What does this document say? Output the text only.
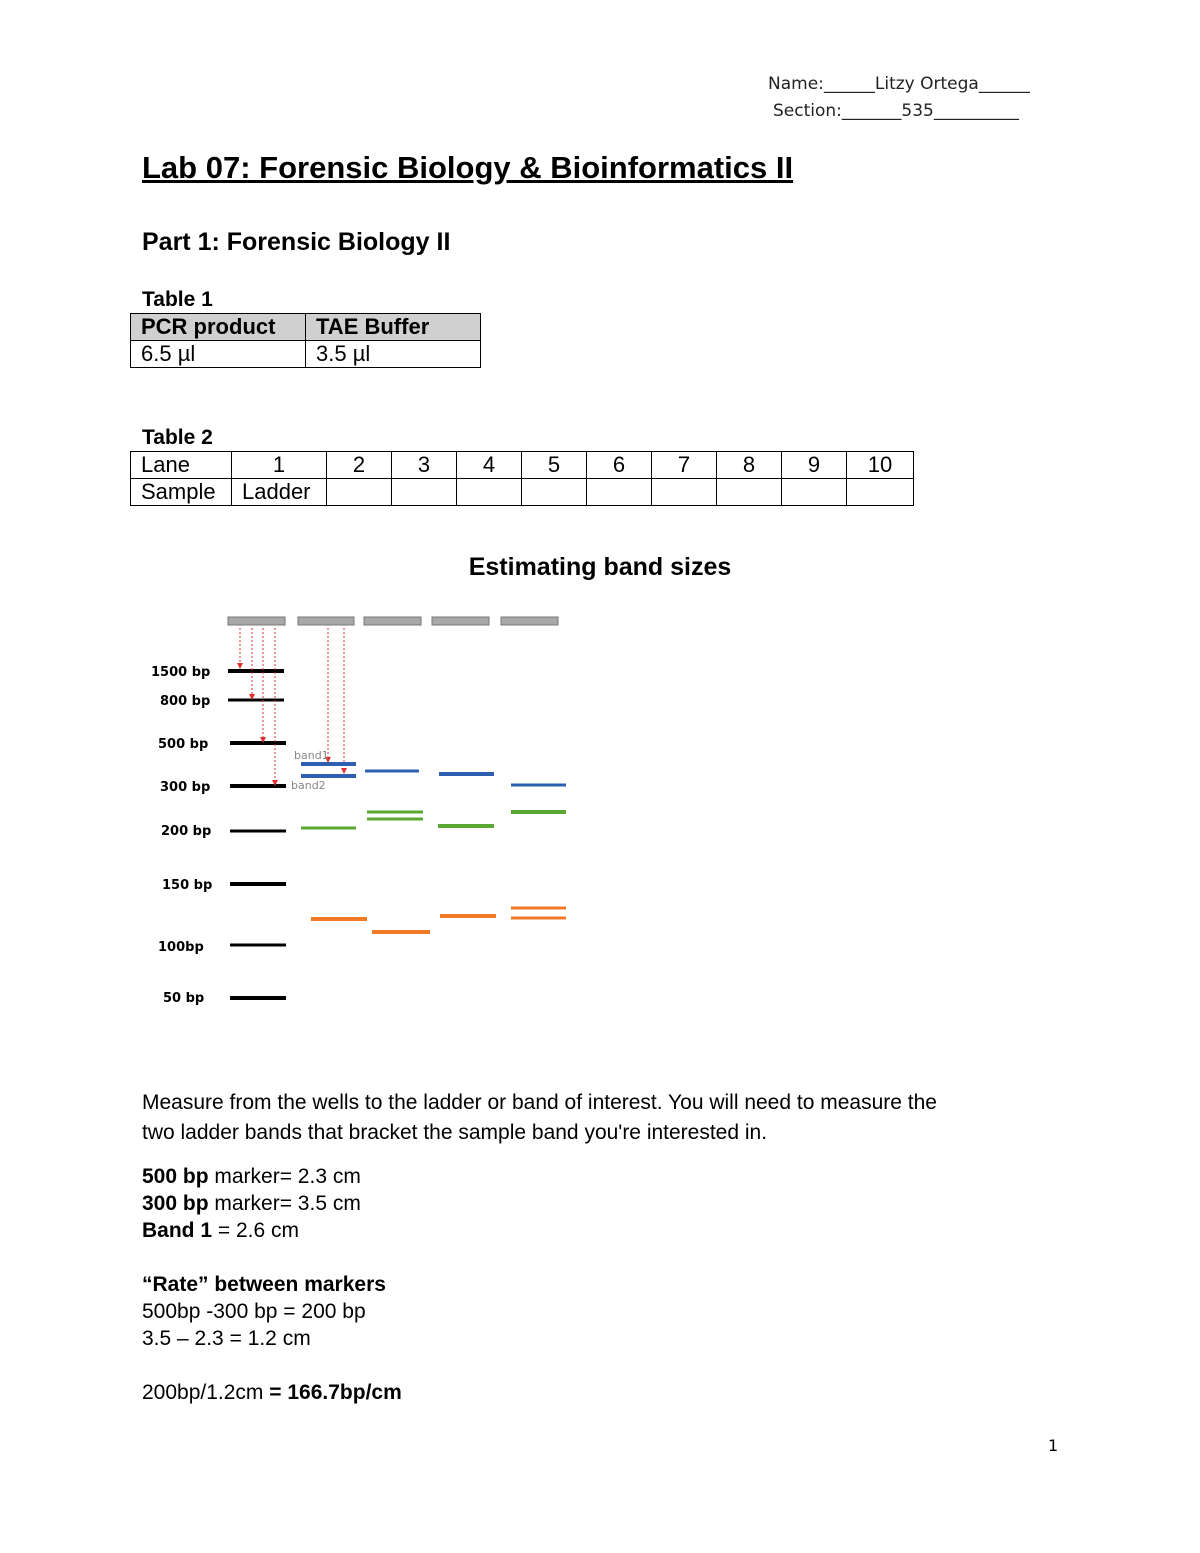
Name:______Litzy Ortega______
Section:_______535__________
Lab 07: Forensic Biology & Bioinformatics II
Part 1: Forensic Biology II
Table 1
PCR product	TAE Buffer
6.5 µl	3.5 µl
Table 2
Lane	1	2	3	4	5	6	7	8	9	10
Sample	Ladder									
Estimating band sizes
1500 bp
800 bp
500 bp
300 bp
200 bp
150 bp
100bp
50 bp
band1
band2
Measure from the wells to the ladder or band of interest. You will need to measure the
two ladder bands that bracket the sample band you're interested in.
500 bp marker= 2.3 cm
300 bp marker= 3.5 cm
Band 1 = 2.6 cm
“Rate” between markers
500bp -300 bp = 200 bp
3.5 – 2.3 = 1.2 cm
200bp/1.2cm = 166.7bp/cm
1
